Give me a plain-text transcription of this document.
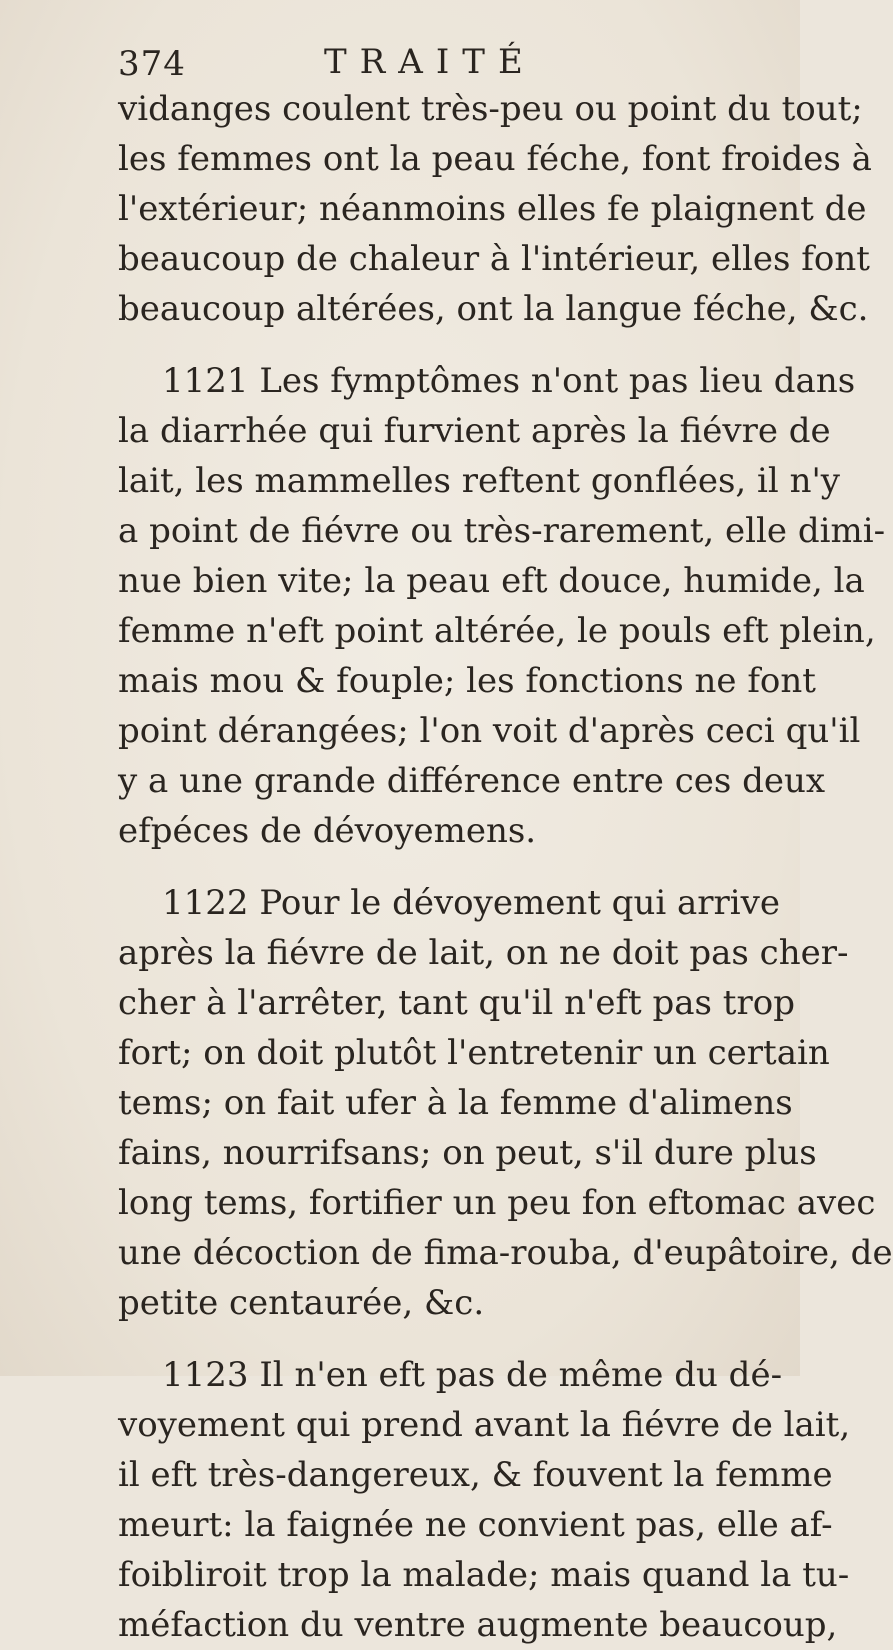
374	TRAITÉ
vidanges coulent très-peu ou point du tout;
les femmes ont la peau féche, font froides à
l'extérieur; néanmoins elles fe plaignent de
beaucoup de chaleur à l'intérieur, elles font
beaucoup altérées, ont la langue féche, &c.
1121 Les fymptômes n'ont pas lieu dans
la diarrhée qui furvient après la fiévre de
lait, les mammelles reftent gonflées, il n'y
a point de fiévre ou très-rarement, elle dimi-
nue bien vite; la peau eft douce, humide, la
femme n'eft point altérée, le pouls eft plein,
mais mou & fouple; les fonctions ne font
point dérangées; l'on voit d'après ceci qu'il
y a une grande différence entre ces deux
efpéces de dévoyemens.
1122 Pour le dévoyement qui arrive
après la fiévre de lait, on ne doit pas cher-
cher à l'arrêter, tant qu'il n'eft pas trop
fort; on doit plutôt l'entretenir un certain
tems; on fait ufer à la femme d'alimens
fains, nourrifsans; on peut, s'il dure plus
long tems, fortifier un peu fon eftomac avec
une décoction de fima-rouba, d'eupâtoire, de
petite centaurée, &c.
1123 Il n'en eft pas de même du dé-
voyement qui prend avant la fiévre de lait,
il eft très-dangereux, & fouvent la femme
meurt: la faignée ne convient pas, elle af-
foibliroit trop la malade; mais quand la tu-
méfaction du ventre augmente beaucoup,
